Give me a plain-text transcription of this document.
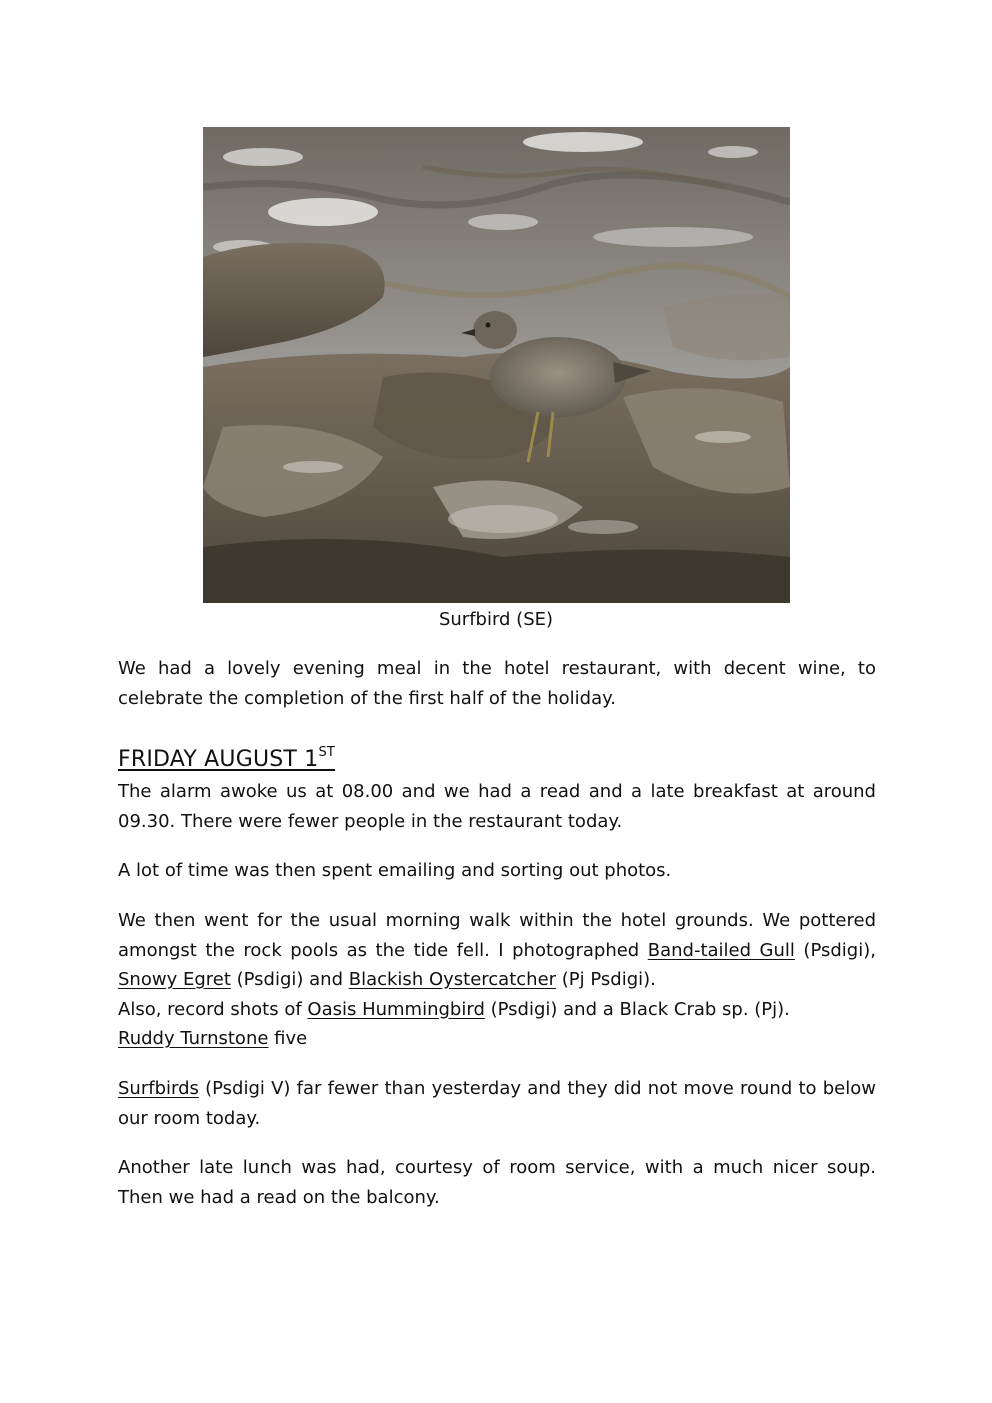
Surfbird (SE)

We had a lovely evening meal in the hotel restaurant, with decent wine, to celebrate the completion of the first half of the holiday.

FRIDAY AUGUST 1ST

The alarm awoke us at 08.00 and we had a read and a late breakfast at around 09.30. There were fewer people in the restaurant today.

A lot of time was then spent emailing and sorting out photos.

We then went for the usual morning walk within the hotel grounds. We pottered amongst the rock pools as the tide fell. I photographed Band-tailed Gull (Psdigi), Snowy Egret (Psdigi) and Blackish Oystercatcher (Pj Psdigi).
Also, record shots of Oasis Hummingbird (Psdigi) and a Black Crab sp. (Pj).
Ruddy Turnstone five

Surfbirds (Psdigi V) far fewer than yesterday and they did not move round to below our room today.

Another late lunch was had, courtesy of room service, with a much nicer soup. Then we had a read on the balcony.
